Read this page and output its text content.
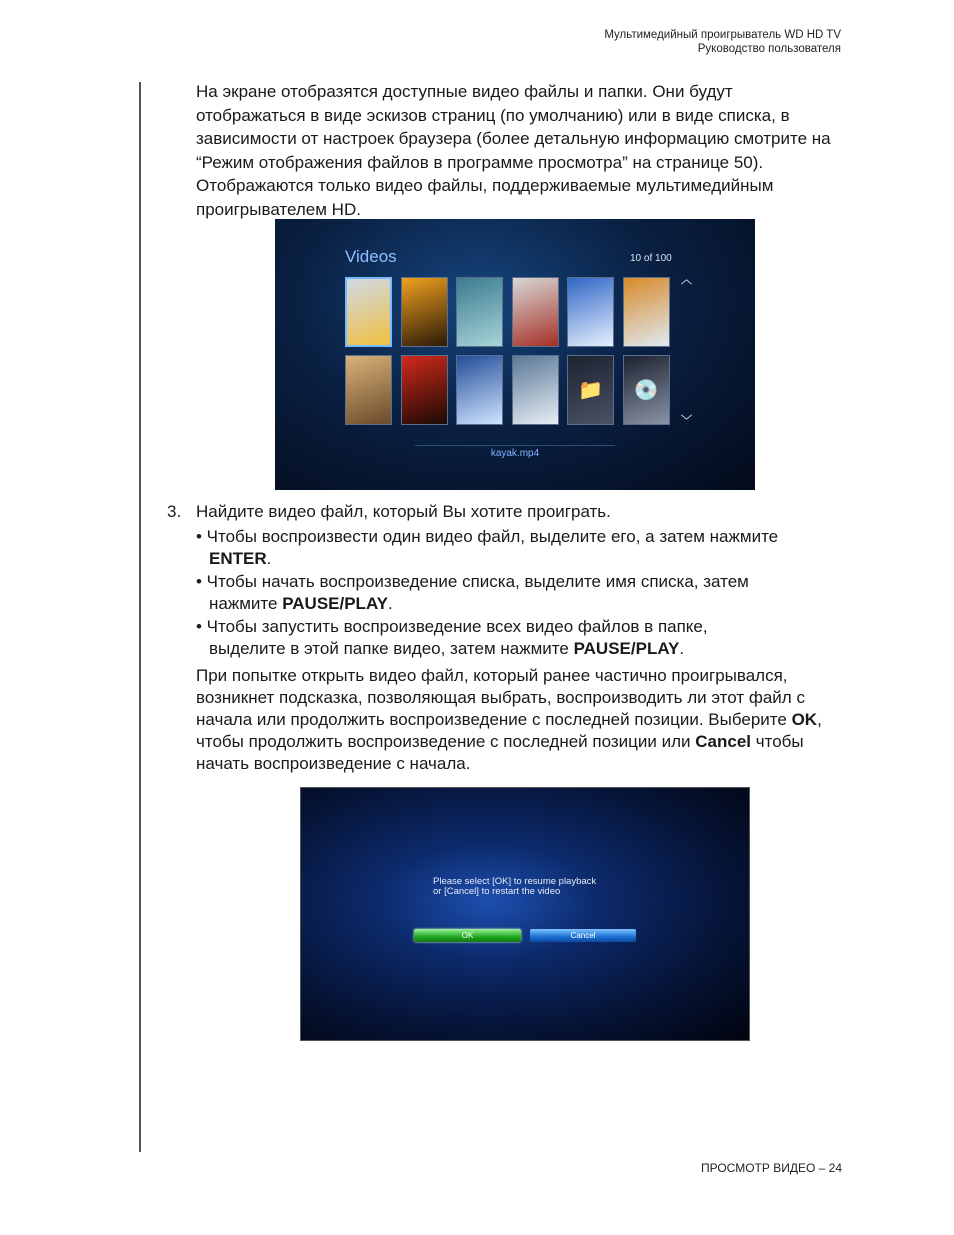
Мультимедийный проигрыватель WD HD TV
Руководство пользователя
На экране отобразятся доступные видео файлы и папки. Они будут отображаться в виде эскизов страниц (по умолчанию) или в виде списка, в зависимости от настроек браузера (более детальную информацию смотрите на “Режим отображения файлов в программе просмотра” на странице 50). Отображаются только видео файлы, поддерживаемые мультимедийным проигрывателем HD.
Videos	10 of 100
︿
﹀
📁 💿
kayak.mp4
3. Найдите видео файл, который Вы хотите проиграть.
• Чтобы воспроизвести один видео файл, выделите его, а затем нажмите
ENTER.
• Чтобы начать воспроизведение списка, выделите имя списка, затем
нажмите PAUSE/PLAY.
• Чтобы запустить воспроизведение всех видео файлов в папке,
выделите в этой папке видео, затем нажмите PAUSE/PLAY.
При попытке открыть видео файл, который ранее частично проигрывался, возникнет подсказка, позволяющая выбрать, воспроизводить ли этот файл с начала или продолжить воспроизведение с последней позиции. Выберите OK, чтобы продолжить воспроизведение с последней позиции или Cancel чтобы начать воспроизведение с начала.
Please select [OK] to resume playback
or [Cancel] to restart the video
OK	Cancel
ПРОСМОТР ВИДЕО – 24
